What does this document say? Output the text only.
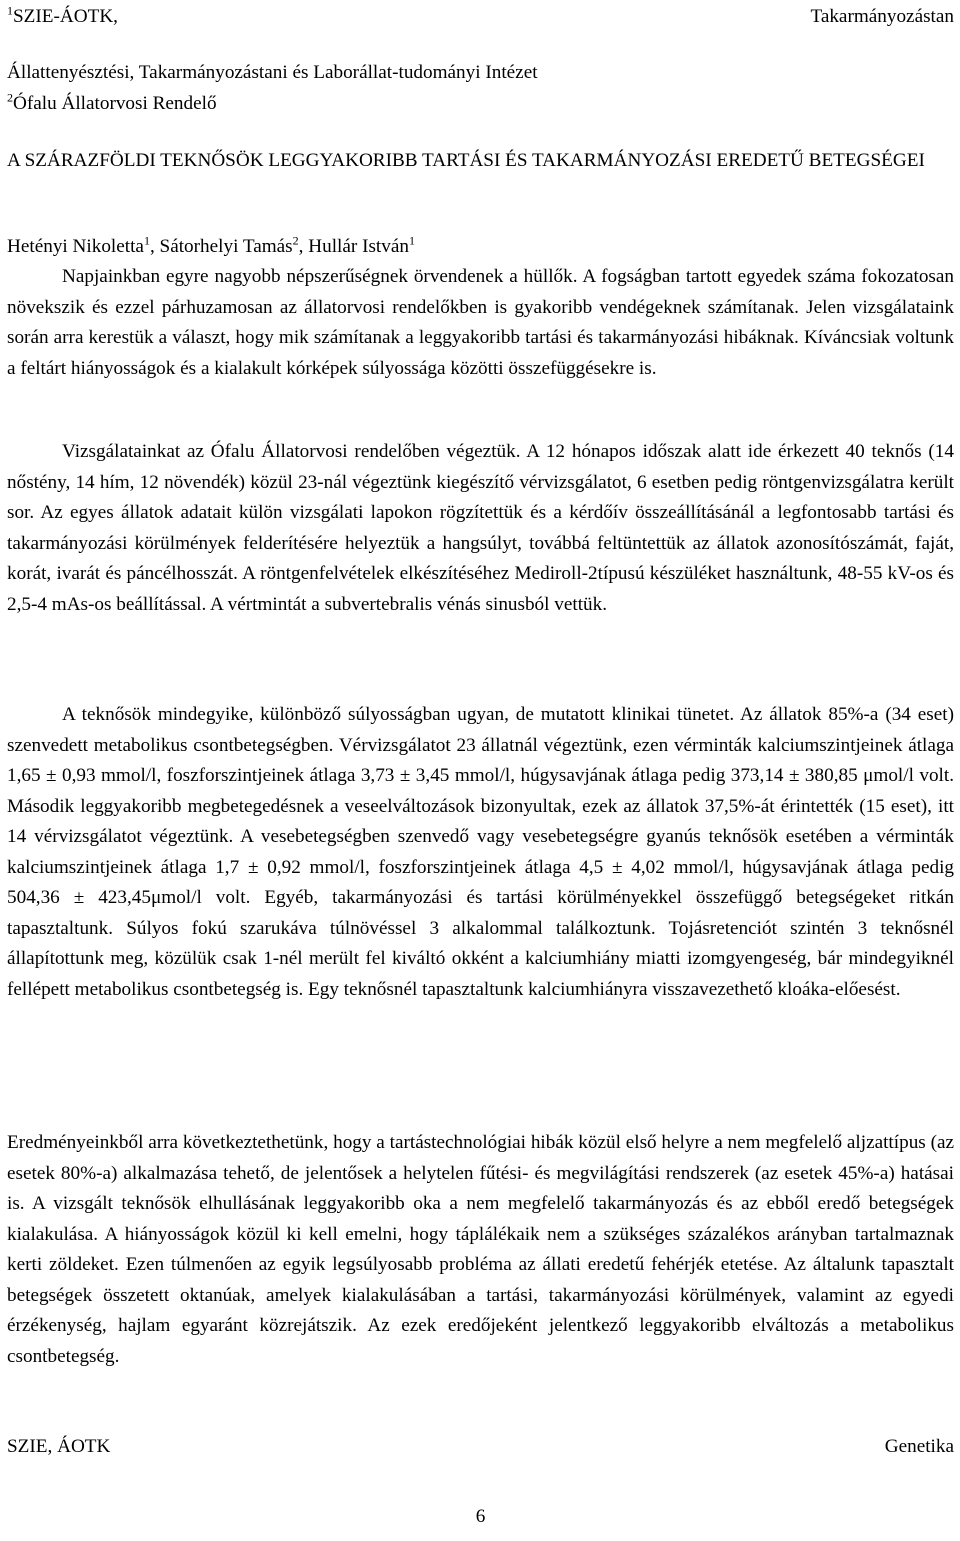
$^1$SZIE-ÁOTK,	Takarmányozástan
Állattenyésztési, Takarmányozástani és Laborállat-tudományi Intézet
$^2$Ófalu Állatorvosi Rendelő
A SZÁRAZFÖLDI TEKNŐSÖK LEGGYAKORIBB TARTÁSI ÉS TAKARMÁNYOZÁSI EREDETŰ BETEGSÉGEI
Hetényi Nikoletta$^1$, Sátorhelyi Tamás$^2$, Hullár István$^1$

Napjainkban egyre nagyobb népszerűségnek örvendenek a hüllők. A fogságban tartott egyedek száma fokozatosan növekszik és ezzel párhuzamosan az állatorvosi rendelőkben is gyakoribb vendégeknek számítanak. Jelen vizsgálataink során arra kerestük a választ, hogy mik számítanak a leggyakoribb tartási és takarmányozási hibáknak. Kíváncsiak voltunk a feltárt hiányosságok és a kialakult kórképek súlyossága közötti összefüggésekre is.

Vizsgálatainkat az Ófalu Állatorvosi rendelőben végeztük. A 12 hónapos időszak alatt ide érkezett 40 teknős (14 nőstény, 14 hím, 12 növendék) közül 23-nál végeztünk kiegészítő vérvizsgálatot, 6 esetben pedig röntgenvizsgálatra került sor. Az egyes állatok adatait külön vizsgálati lapokon rögzítettük és a kérdőív összeállításánál a legfontosabb tartási és takarmányozási körülmények felderítésére helyeztük a hangsúlyt, továbbá feltüntettük az állatok azonosítószámát, faját, korát, ivarát és páncélhosszát. A röntgenfelvételek elkészítéséhez Mediroll-2típusú készüléket használtunk, 48-55 kV-os és 2,5-4 mAs-os beállítással. A vértmintát a subvertebralis vénás sinusból vettük.

A teknősök mindegyike, különböző súlyosságban ugyan, de mutatott klinikai tünetet. Az állatok 85%-a (34 eset) szenvedett metabolikus csontbetegségben. Vérvizsgálatot 23 állatnál végeztünk, ezen vérminták kalciumszintjeinek átlaga 1,65 ± 0,93 mmol/l, foszforszintjeinek átlaga 3,73 ± 3,45 mmol/l, húgysavjának átlaga pedig 373,14 ± 380,85 μmol/l volt. Második leggyakoribb megbetegedésnek a veseelváltozások bizonyultak, ezek az állatok 37,5%-át érintették (15 eset), itt 14 vérvizsgálatot végeztünk. A vesebetegségben szenvedő vagy vesebetegségre gyanús teknősök esetében a vérminták kalciumszintjeinek átlaga 1,7 ± 0,92 mmol/l, foszforszintjeinek átlaga 4,5 ± 4,02 mmol/l, húgysavjának átlaga pedig 504,36 ± 423,45μmol/l volt. Egyéb, takarmányozási és tartási körülményekkel összefüggő betegségeket ritkán tapasztaltunk. Súlyos fokú szarukáva túlnövéssel 3 alkalommal találkoztunk. Tojásretenciót szintén 3 teknősnél állapítottunk meg, közülük csak 1-nél merült fel kiváltó okként a kalciumhiány miatti izomgyengeség, bár mindegyiknél fellépett metabolikus csontbetegség is. Egy teknősnél tapasztaltunk kalciumhiányra visszavezethető kloáka-előesést.

Eredményeinkből arra következtethetünk, hogy a tartástechnológiai hibák közül első helyre a nem megfelelő aljzattípus (az esetek 80%-a) alkalmazása tehető, de jelentősek a helytelen fűtési- és megvilágítási rendszerek (az esetek 45%-a) hatásai is. A vizsgált teknősök elhullásának leggyakoribb oka a nem megfelelő takarmányozás és az ebből eredő betegségek kialakulása. A hiányosságok közül ki kell emelni, hogy táplálékaik nem a szükséges százalékos arányban tartalmaznak kerti zöldeket. Ezen túlmenően az egyik legsúlyosabb probléma az állati eredetű fehérjék etetése. Az általunk tapasztalt betegségek összetett oktanúak, amelyek kialakulásában a tartási, takarmányozási körülmények, valamint az egyedi érzékenység, hajlam egyaránt közrejátszik. Az ezek eredőjeként jelentkező leggyakoribb elváltozás a metabolikus csontbetegség.

SZIE, ÁOTK	Genetika
6
